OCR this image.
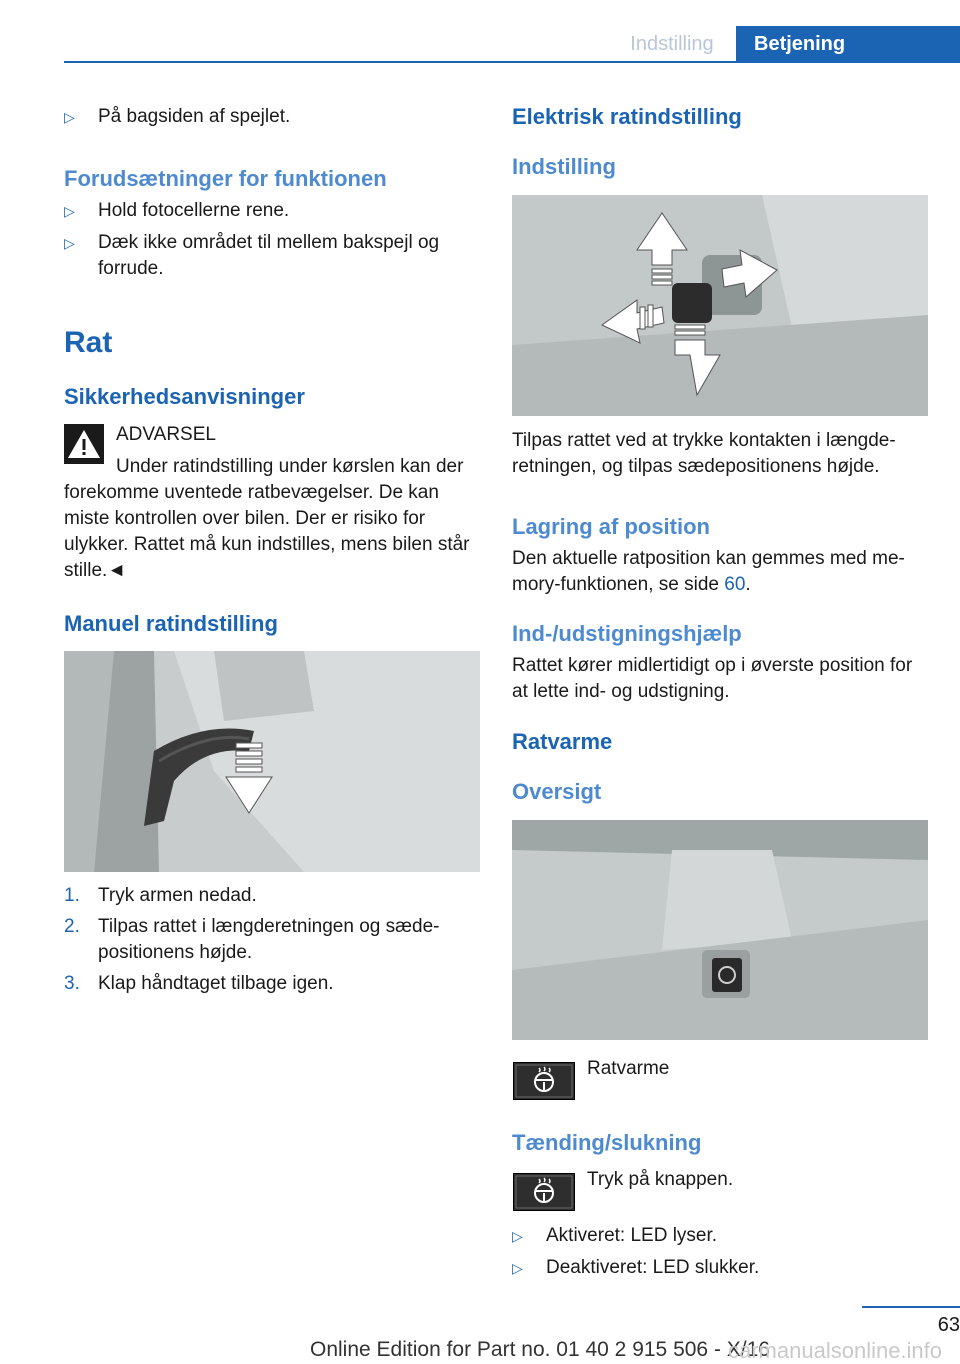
Indstilling	Betjening
▷ På bagsiden af spejlet.
Forudsætninger for funktionen
▷ Hold fotocellerne rene.
▷ Dæk ikke området til mellem bakspejl og forrude.
Rat
Sikkerhedsanvisninger
ADVARSEL
Under ratindstilling under kørslen kan der forekomme uventede ratbevægelser. De kan miste kontrollen over bilen. Der er risiko for ulykker. Rattet må kun indstilles, mens bilen står stille.◄
Manuel ratindstilling
1. Tryk armen nedad.
2. Tilpas rattet i længderetningen og sædepositionens højde.
3. Klap håndtaget tilbage igen.
Elektrisk ratindstilling
Indstilling
Tilpas rattet ved at trykke kontakten i længderetningen, og tilpas sædepositionens højde.
Lagring af position
Den aktuelle ratposition kan gemmes med memory-funktionen, se side 60.
Ind-/udstigningshjælp
Rattet kører midlertidigt op i øverste position for at lette ind- og udstigning.
Ratvarme
Oversigt
Ratvarme
Tænding/slukning
Tryk på knappen.
▷ Aktiveret: LED lyser.
▷ Deaktiveret: LED slukker.
63
Online Edition for Part no. 01 40 2 915 506 - X/16
carmanualsonline.info
